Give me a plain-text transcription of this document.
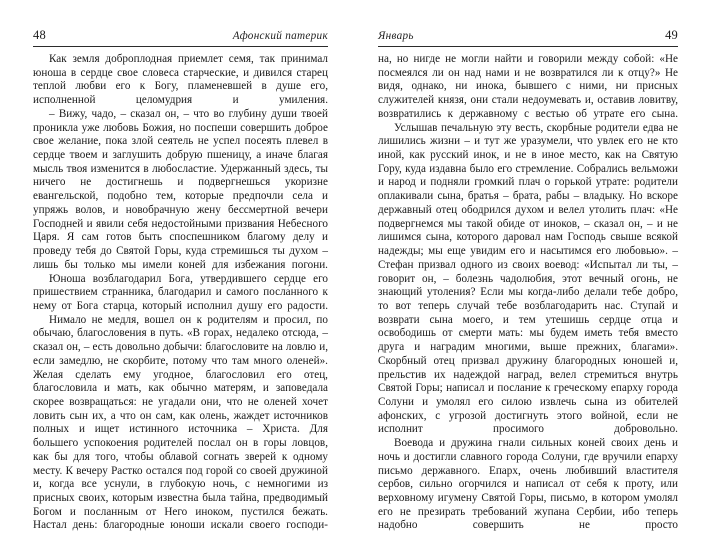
48	Афонский патерик

Как земля доброплодная приемлет семя, так принимал юноша в сердце свое словеса старческие, и дивился старец теплой любви его к Богу, пламеневшей в душе его, исполненной целомудрия и умиления.

– Вижу, чадо, – сказал он, – что во глубину души твоей проникла уже любовь Божия, но поспеши совершить доброе свое желание, пока злой сеятель не успел посеять плевел в сердце твоем и заглушить добрую пшеницу, а иначе благая мысль твоя изменится в любосластие. Удержанный здесь, ты ничего не достигнешь и подвергнешься укоризне евангельской, подобно тем, которые предпочли села и упряжь волов, и новобрачную жену бессмертной вечери Господней и явили себя недостойными призвания Небесного Царя. Я сам готов быть споспешником благому делу и проведу тебя до Святой Горы, куда стремишься ты духом – лишь бы только мы имели коней для избежания погони.

Юноша возблагодарил Бога, утвердившего сердце его пришествием странника, благодарил и самого посла́нного к нему от Бога старца, который исполнил душу его радости.

Нимало не медля, вошел он к родителям и просил, по обычаю, благословения в путь. «В горах, недалеко отсюда, – сказал он, – есть довольно добычи: благословите на ловлю и, если замедлю, не скорбите, потому что там много оленей». Желая сделать ему угодное, благословил его отец, благословила и мать, как обычно матерям, и заповедала скорее возвращаться: не угадали они, что не оленей хочет ловить сын их, а что он сам, как олень, жаждет источников полных и ищет истинного источника – Христа. Для большего успокоения родителей послал он в горы ловцов, как бы для того, чтобы облавой согнать зверей к одному месту. К вечеру Растко остался под горой со своей дружиной и, когда все уснули, в глубокую ночь, с немногими из присных своих, которым известна была тайна, предводимый Богом и посланным от Него иноком, пустился бежать. Настал день: благородные юноши искали своего господи-

Январь	49

на, но нигде не могли найти и говорили между собой: «Не посмеялся ли он над нами и не возвратился ли к отцу?» Не видя, однако, ни инока, бывшего с ними, ни присных служителей князя, они стали недоумевать и, оставив ловитву, возвратились к державному с вестью об утрате его сына.

Услышав печальную эту весть, скорбные родители едва не лишились жизни – и тут же уразумели, что увлек его не кто иной, как русский инок, и не в иное место, как на Святую Гору, куда издавна было его стремление. Собрались вельможи и народ и подняли громкий плач о горькой утрате: родители оплакивали сына, братья – брата, рабы – владыку. Но вскоре державный отец ободрился духом и велел утолить плач: «Не подвергнемся мы такой обиде от иноков, – сказал он, – и не лишимся сына, которого даровал нам Господь свыше всякой надежды; мы еще увидим его и насытимся его любовью». – Стефан призвал одного из своих воевод: «Испытал ли ты, – говорит он, – болезнь чадолюбия, этот вечный огонь, не знающий утоления? Если мы когда-либо делали тебе добро, то вот теперь случай тебе возблагодарить нас. Ступай и возврати сына моего, и тем утешишь сердце отца и освободишь от смерти мать: мы будем иметь тебя вместо друга и наградим многими, выше прежних, благами». Скорбный отец призвал дружину благородных юношей и, прельстив их надеждой наград, велел стремиться внутрь Святой Горы; написал и послание к греческому епарху города Солуни и умолял его силою извлечь сына из обителей афонских, с угрозой достигнуть этого войной, если не исполнит просимого добровольно.

Воевода и дружина гнали сильных коней своих день и ночь и достигли славного города Солуни, где вручили епарху письмо державного. Епарх, очень любивший властителя сербов, сильно огорчился и написал от себя к проту, или верховному игумену Святой Горы, письмо, в котором умолял его не презирать требований жупана Сербии, ибо теперь надобно совершить не просто
